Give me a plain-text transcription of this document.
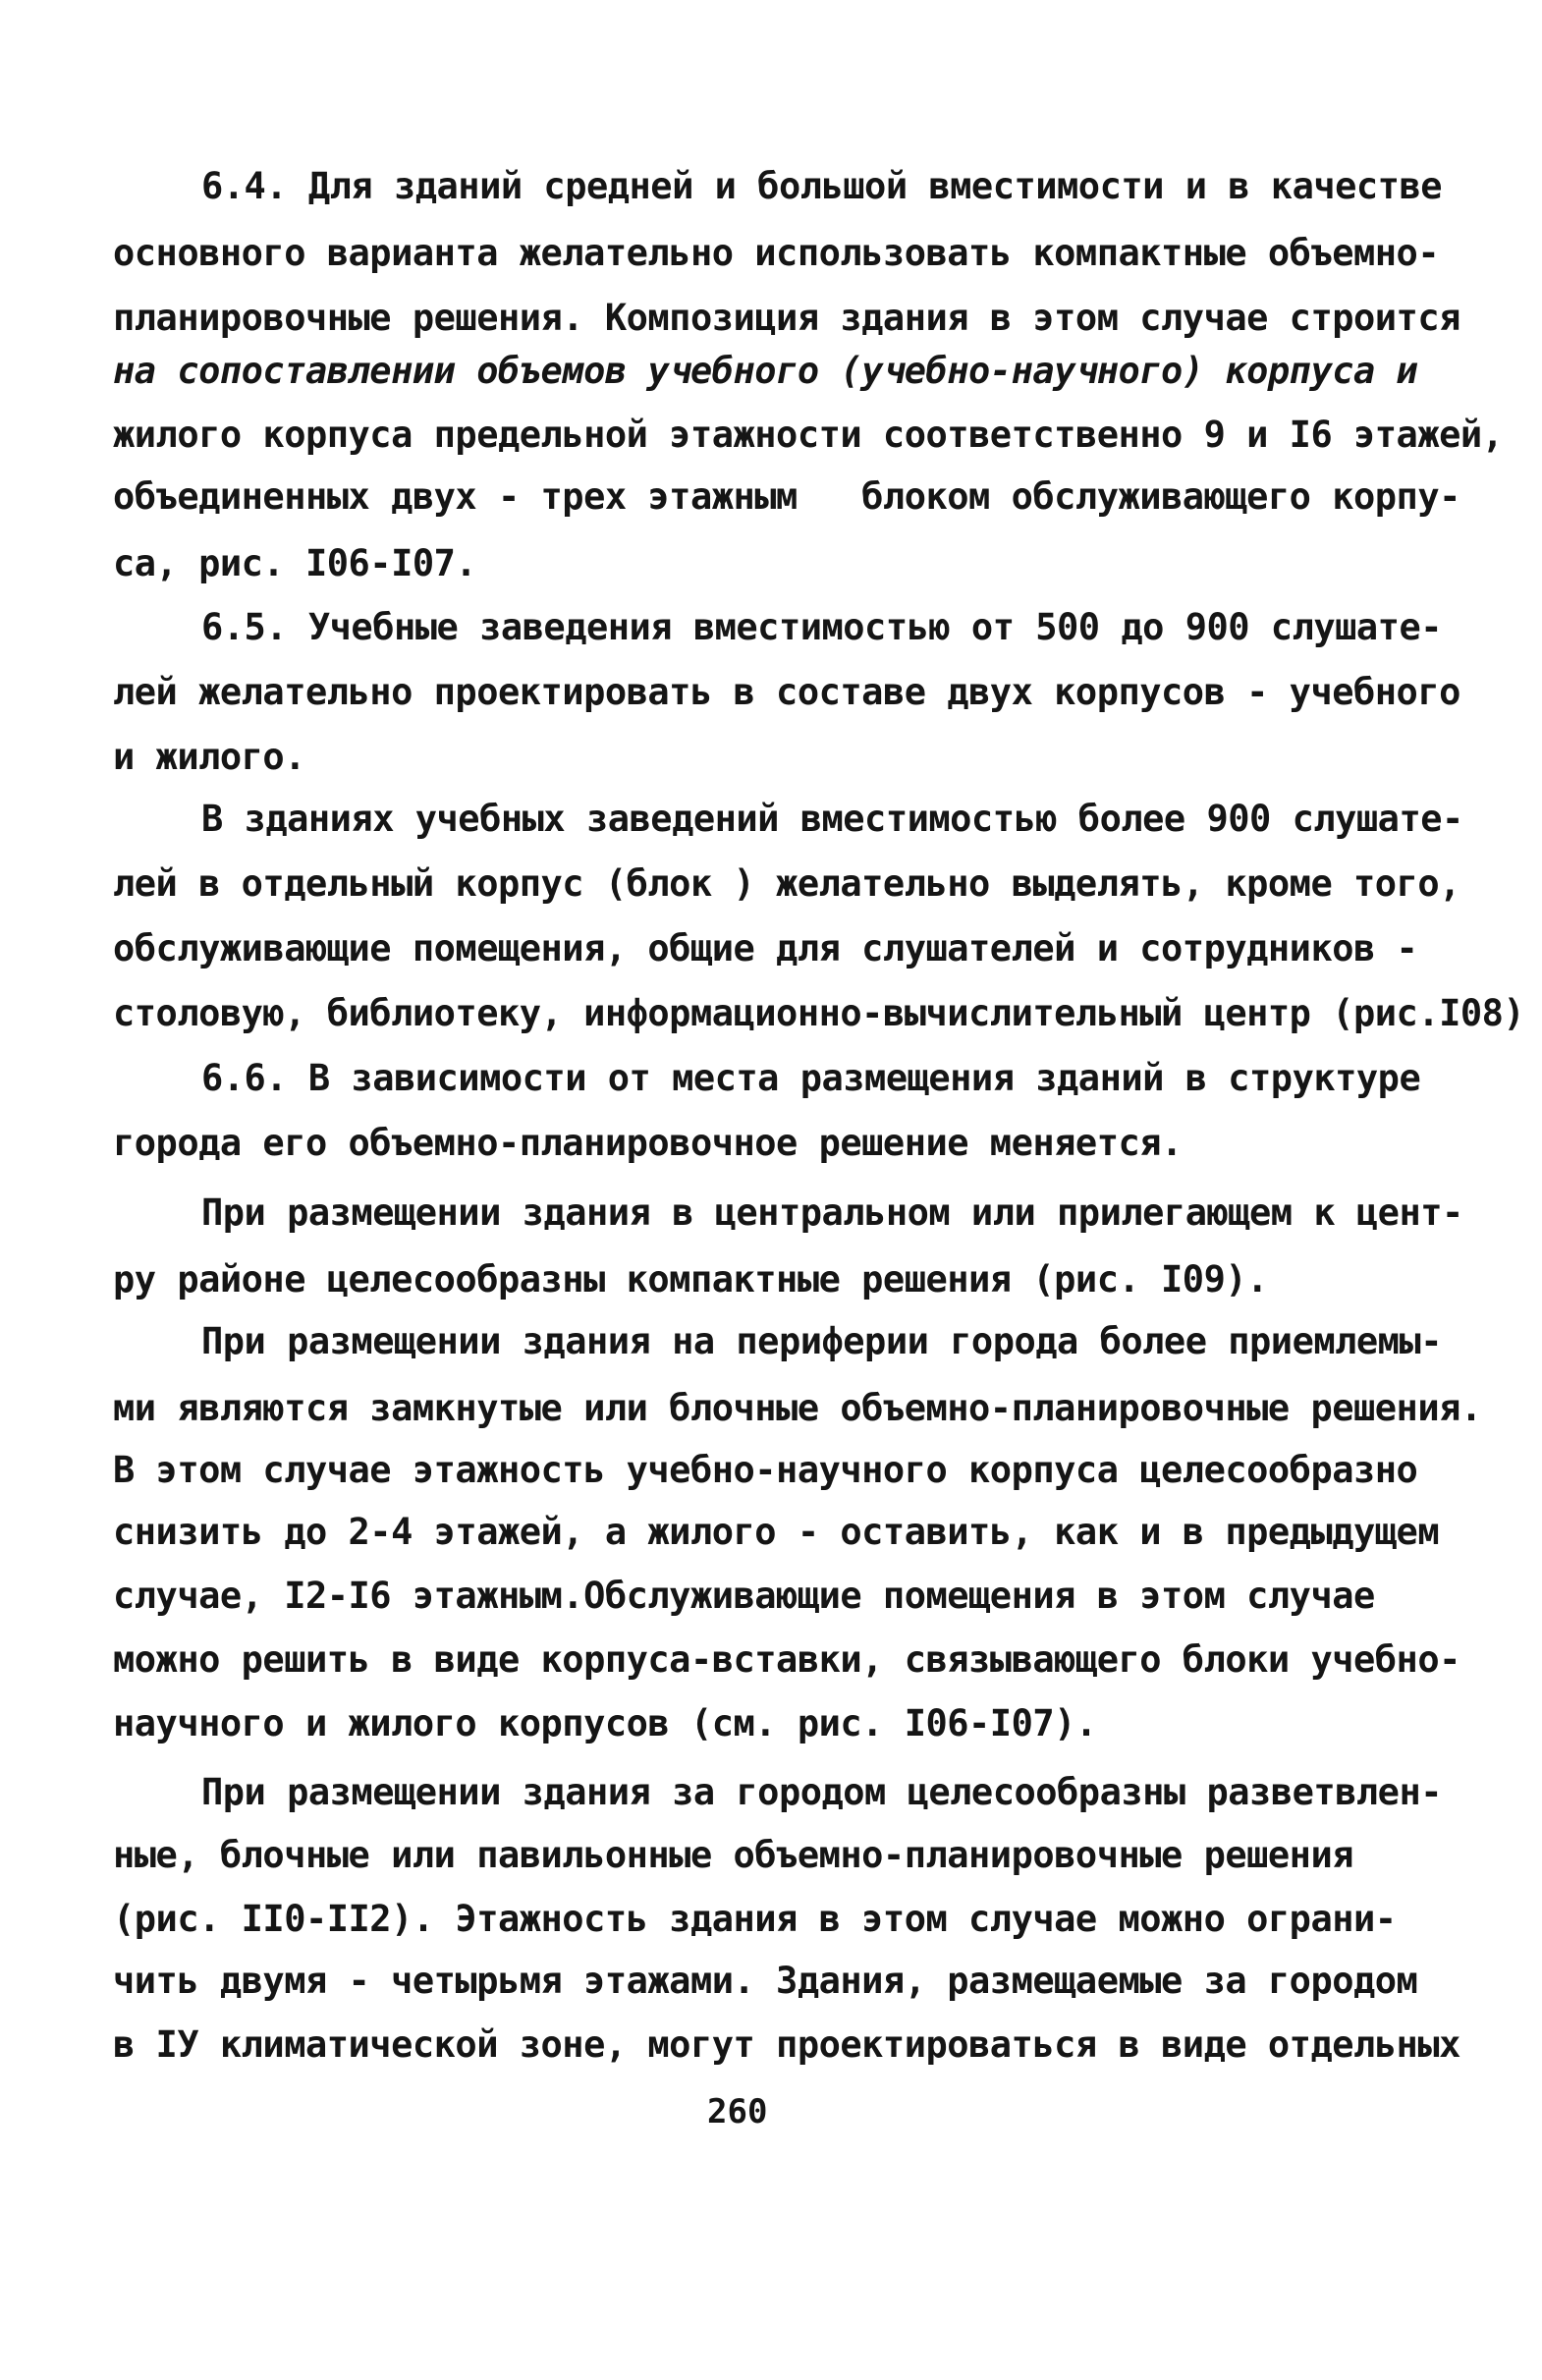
6.4. Для зданий средней и большой вместимости и в качестве
основного варианта желательно использовать компактные объемно-
планировочные решения. Композиция здания в этом случае строится
на сопоставлении объемов учебного (учебно-научного) корпуса и
жилого корпуса предельной этажности соответственно 9 и I6 этажей,
объединенных двух - трех этажным   блоком обслуживающего корпу-
са, рис. I06-I07.
6.5. Учебные заведения вместимостью от 500 до 900 слушате-
лей желательно проектировать в составе двух корпусов - учебного
и жилого.
В зданиях учебных заведений вместимостью более 900 слушате-
лей в отдельный корпус (блок ) желательно выделять, кроме того,
обслуживающие помещения, общие для слушателей и сотрудников -
столовую, библиотеку, информационно-вычислительный центр (рис.I08)
6.6. В зависимости от места размещения зданий в структуре
города его объемно-планировочное решение меняется.
При размещении здания в центральном или прилегающем к цент-
ру районе целесообразны компактные решения (рис. I09).
При размещении здания на периферии города более приемлемы-
ми являются замкнутые или блочные объемно-планировочные решения.
В этом случае этажность учебно-научного корпуса целесообразно
снизить до 2-4 этажей, а жилого - оставить, как и в предыдущем
случае, I2-I6 этажным.Обслуживающие помещения в этом случае
можно решить в виде корпуса-вставки, связывающего блоки учебно-
научного и жилого корпусов (см. рис. I06-I07).
При размещении здания за городом целесообразны разветвлен-
ные, блочные или павильонные объемно-планировочные решения
(рис. II0-II2). Этажность здания в этом случае можно ограни-
чить двумя - четырьмя этажами. Здания, размещаемые за городом
в IУ климатической зоне, могут проектироваться в виде отдельных
260
